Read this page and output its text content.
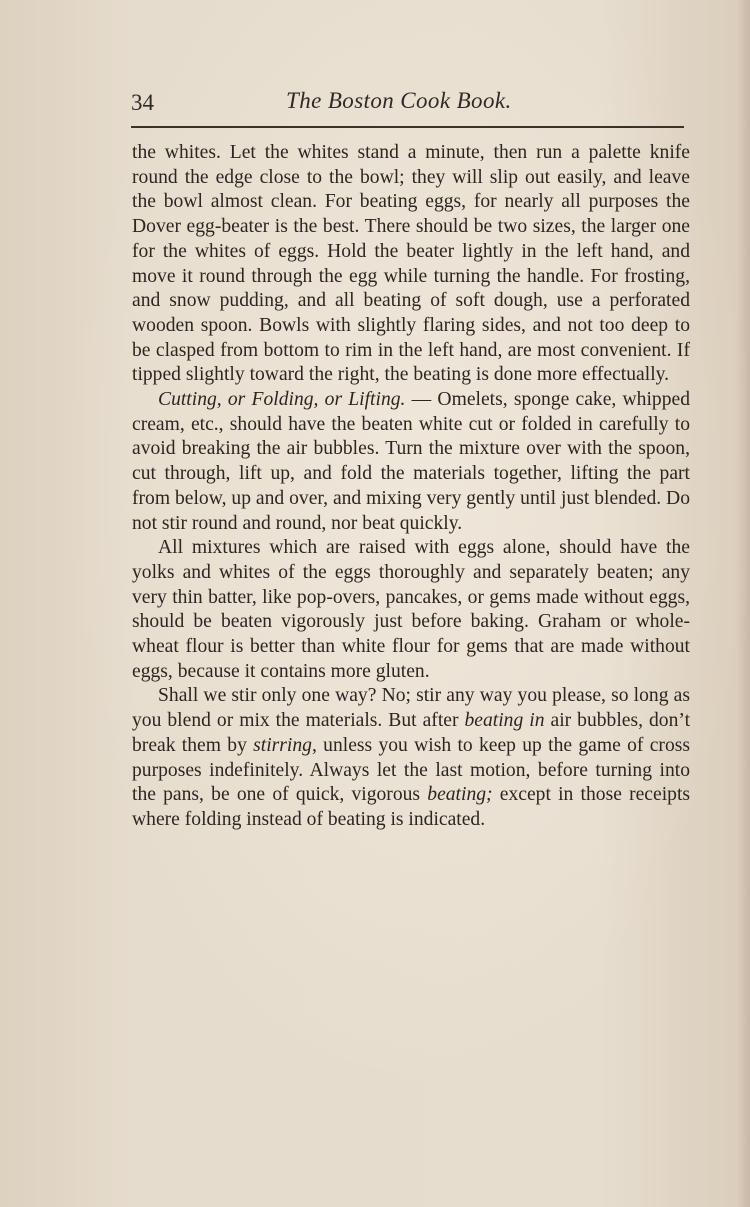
34	The Boston Cook Book.

the whites. Let the whites stand a minute, then run a palette knife round the edge close to the bowl; they will slip out easily, and leave the bowl almost clean. For beating eggs, for nearly all purposes the Dover egg-beater is the best. There should be two sizes, the larger one for the whites of eggs. Hold the beater lightly in the left hand, and move it round through the egg while turning the handle. For frosting, and snow pudding, and all beating of soft dough, use a perforated wooden spoon. Bowls with slightly flaring sides, and not too deep to be clasped from bottom to rim in the left hand, are most convenient. If tipped slightly toward the right, the beating is done more effectually.

Cutting, or Folding, or Lifting. — Omelets, sponge cake, whipped cream, etc., should have the beaten white cut or folded in carefully to avoid breaking the air bubbles. Turn the mixture over with the spoon, cut through, lift up, and fold the materials together, lifting the part from below, up and over, and mixing very gently until just blended. Do not stir round and round, nor beat quickly.

All mixtures which are raised with eggs alone, should have the yolks and whites of the eggs thoroughly and separately beaten; any very thin batter, like pop-overs, pancakes, or gems made without eggs, should be beaten vigorously just before baking. Graham or whole-wheat flour is better than white flour for gems that are made without eggs, because it contains more gluten.

Shall we stir only one way? No; stir any way you please, so long as you blend or mix the materials. But after beating in air bubbles, don’t break them by stirring, unless you wish to keep up the game of cross purposes indefinitely. Always let the last motion, before turning into the pans, be one of quick, vigorous beating; except in those receipts where folding instead of beating is indicated.
